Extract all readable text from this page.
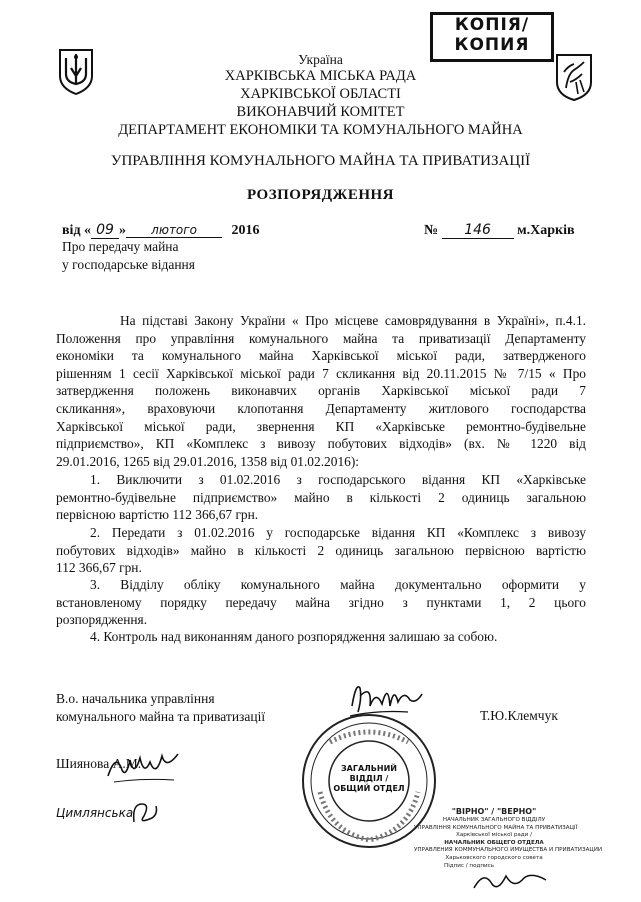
КОПІЯ/
КОПИЯ
Україна
ХАРКІВСЬКА МІСЬКА РАДА
ХАРКІВСЬКОЇ ОБЛАСТІ
ВИКОНАВЧИЙ КОМІТЕТ
ДЕПАРТАМЕНТ ЕКОНОМІКИ ТА КОМУНАЛЬНОГО МАЙНА
УПРАВЛІННЯ КОМУНАЛЬНОГО МАЙНА ТА ПРИВАТИЗАЦІЇ
РОЗПОРЯДЖЕННЯ
від « 09 » лютого 2016	№ 146 м.Харків
Про передачу майна
у господарське відання
На підставі Закону України « Про місцеве самоврядування в Україні», п.4.1.
Положення про управління комунального майна та приватизації Департаменту
економіки та комунального майна Харківської міської ради, затвердженого
рішенням 1 сесії Харківської міської ради 7 скликання від 20.11.2015 № 7/15 « Про
затвердження положень виконавчих органів Харківської міської ради 7
скликання», враховуючи клопотання Департаменту житлового господарства
Харківської міської ради, звернення КП «Харківське ремонтно-будівельне
підприємство», КП «Комплекс з вивозу побутових відходів» (вх. № 1220 від
29.01.2016, 1265 від 29.01.2016, 1358 від 01.02.2016):
1. Виключити з 01.02.2016 з господарського відання КП «Харківське
ремонтно-будівельне підприємство» майно в кількості 2 одиниць загальною
первісною вартістю 112 366,67 грн.
2. Передати з 01.02.2016 у господарське відання КП «Комплекс з вивозу
побутових відходів» майно в кількості 2 одиниць загальною первісною вартістю
112 366,67 грн.
3. Відділу обліку комунального майна документально оформити у
встановленому порядку передачу майна згідно з пунктами 1, 2 цього
розпорядження.
4. Контроль над виконанням даного розпорядження залишаю за собою.
В.о. начальника управління
комунального майна та приватизації	Т.Ю.Клемчук
Шиянова А.М.
Цимлянська
ЗАГАЛЬНИЙ
ВІДДІЛ /
ОБЩИЙ ОТДЕЛ
"ВІРНО" / "ВЕРНО"
НАЧАЛЬНИК ЗАГАЛЬНОГО ВІДДІЛУ
УПРАВЛІННЯ КОМУНАЛЬНОГО МАЙНА ТА ПРИВАТИЗАЦІЇ
Харківської міської ради /
НАЧАЛЬНИК ОБЩЕГО ОТДЕЛА
УПРАВЛЕНИЯ КОММУНАЛЬНОГО ИМУЩЕСТВА И ПРИВАТИЗАЦИИ
Харьковского городского совета
Підпис / подпись
